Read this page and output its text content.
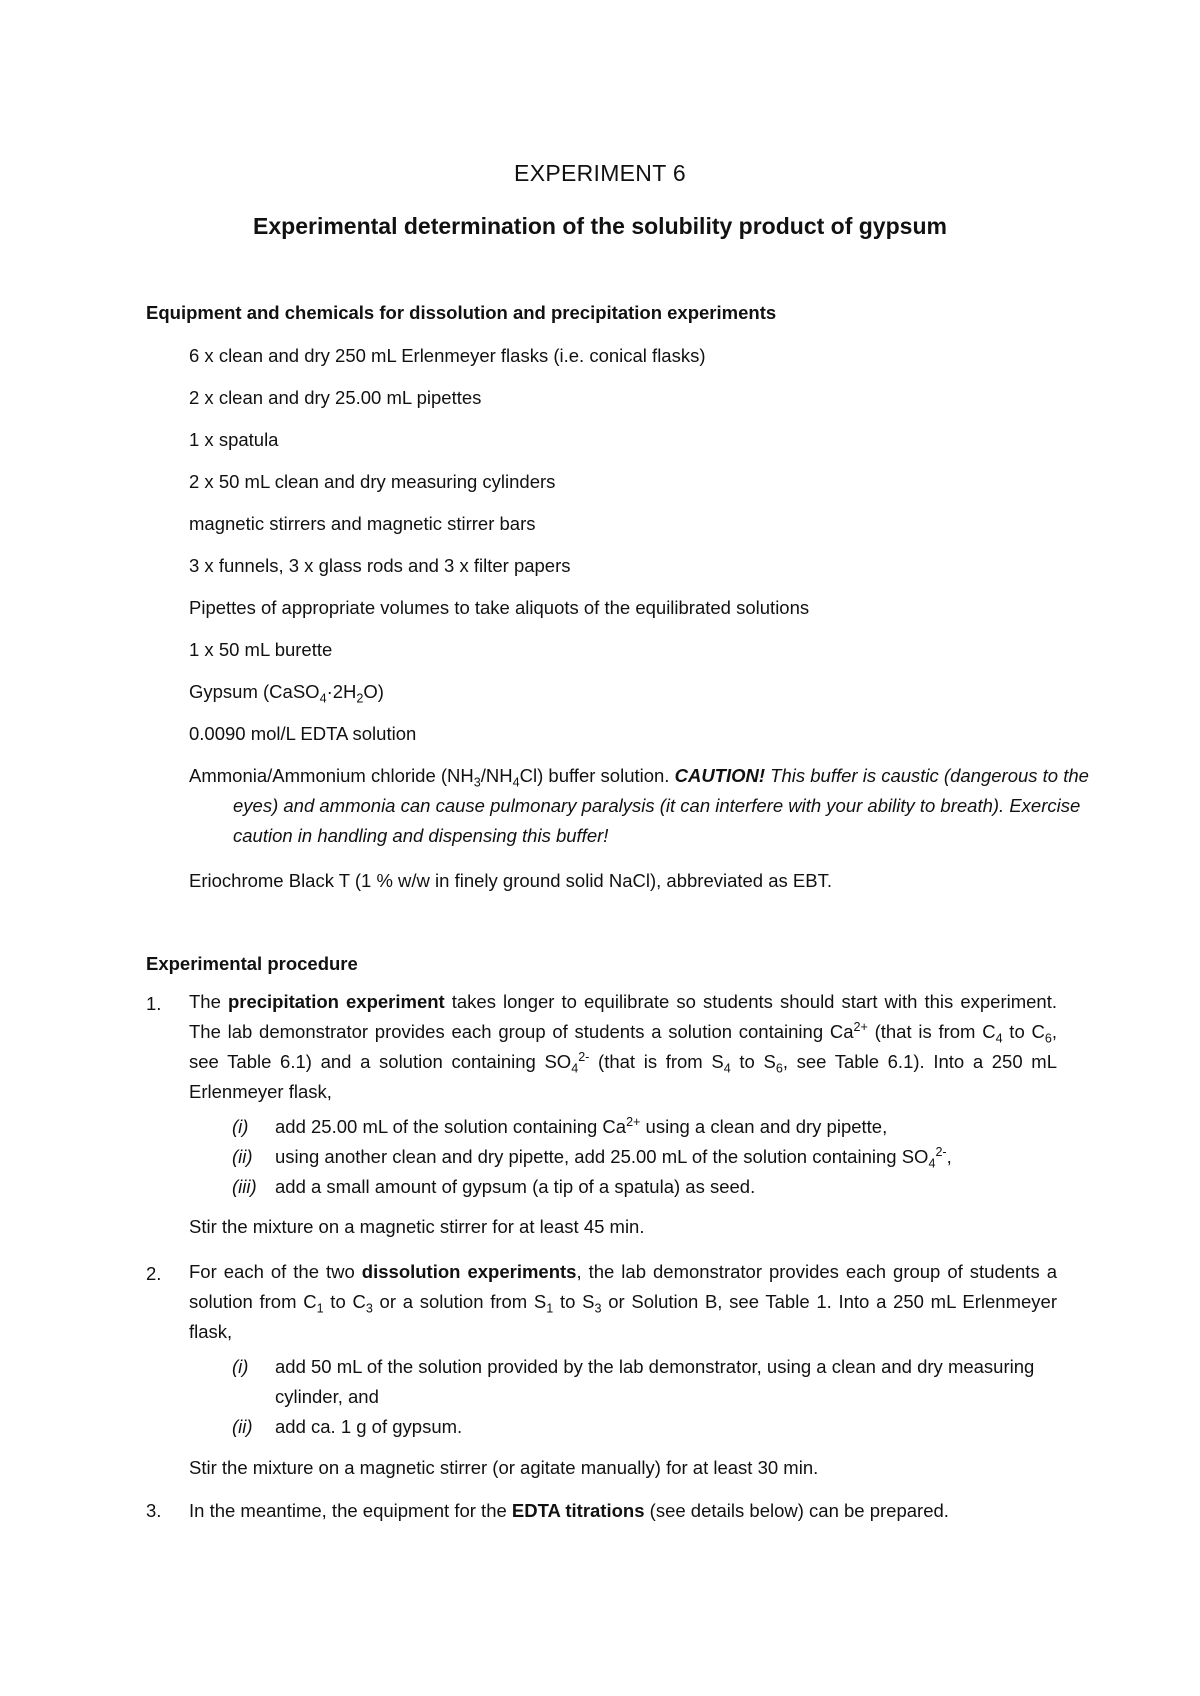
EXPERIMENT 6
Experimental determination of the solubility product of gypsum
Equipment and chemicals for dissolution and precipitation experiments

6 x clean and dry 250 mL Erlenmeyer flasks (i.e. conical flasks)

2 x clean and dry 25.00 mL pipettes

1 x spatula

2 x 50 mL clean and dry measuring cylinders

magnetic stirrers and magnetic stirrer bars

3 x funnels, 3 x glass rods and 3 x filter papers

Pipettes of appropriate volumes to take aliquots of the equilibrated solutions

1 x 50 mL burette

Gypsum $(CaSO_4\cdot 2H_2O)$

0.0090 mol/L EDTA solution

Ammonia/Ammonium chloride $(NH_3/NH_4Cl)$ buffer solution. CAUTION! This buffer is caustic (dangerous to the eyes) and ammonia can cause pulmonary paralysis (it can interfere with your ability to breath). Exercise caution in handling and dispensing this buffer!

Eriochrome Black T (1 % w/w in finely ground solid NaCl), abbreviated as EBT.

Experimental procedure

1. The precipitation experiment takes longer to equilibrate so students should start with this experiment. The lab demonstrator provides each group of students a solution containing $Ca^{2+}$ (that is from $C_4$ to $C_6$, see Table 6.1) and a solution containing $SO_4^{2-}$ (that is from $S_4$ to $S_6$, see Table 6.1). Into a 250 mL Erlenmeyer flask,

(i) add 25.00 mL of the solution containing $Ca^{2+}$ using a clean and dry pipette,

(ii) using another clean and dry pipette, add 25.00 mL of the solution containing $SO_4^{2-}$,

(iii) add a small amount of gypsum (a tip of a spatula) as seed.

Stir the mixture on a magnetic stirrer for at least 45 min.

2. For each of the two dissolution experiments, the lab demonstrator provides each group of students a solution from $C_1$ to $C_3$ or a solution from $S_1$ to $S_3$ or Solution B, see Table 1. Into a 250 mL Erlenmeyer flask,

(i) add 50 mL of the solution provided by the lab demonstrator, using a clean and dry measuring cylinder, and

(ii) add ca. 1 g of gypsum.

Stir the mixture on a magnetic stirrer (or agitate manually) for at least 30 min.

3. In the meantime, the equipment for the EDTA titrations (see details below) can be prepared.
